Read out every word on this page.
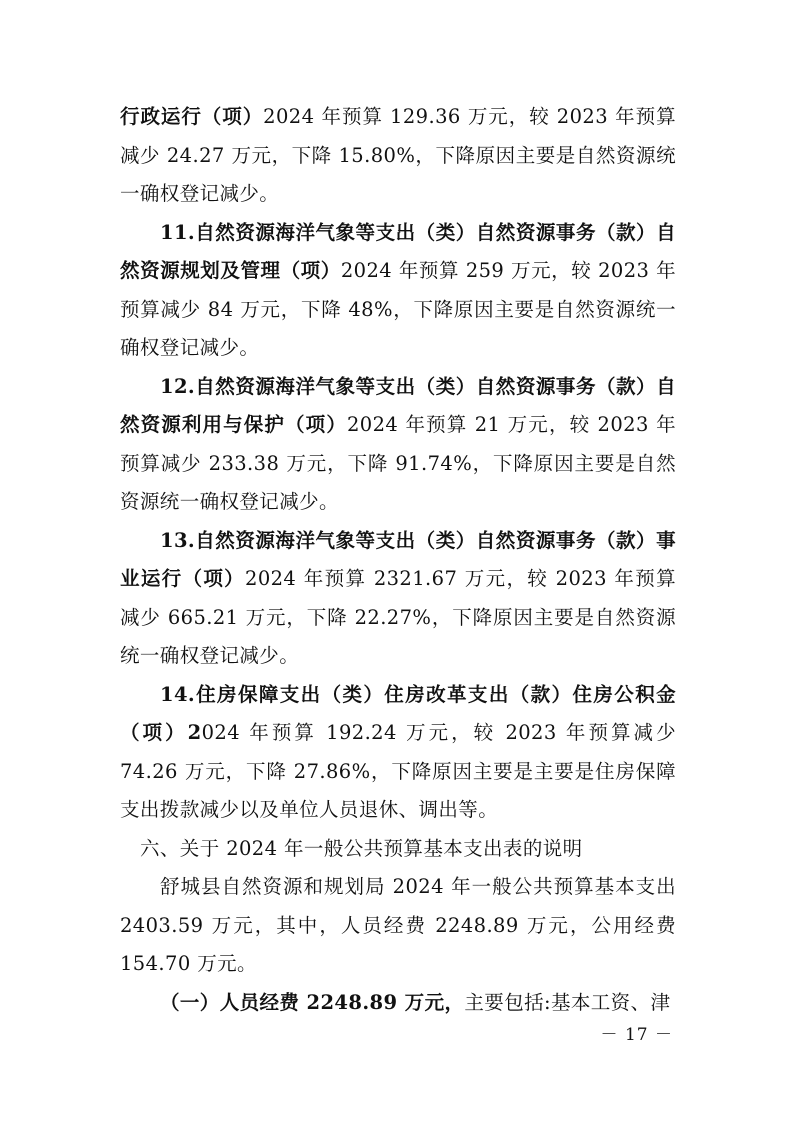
行政运行（项）2024 年预算 129.36 万元，较 2023 年预算减少 24.27 万元，下降 15.80%，下降原因主要是自然资源统一确权登记减少。

11.自然资源海洋气象等支出（类）自然资源事务（款）自然资源规划及管理（项）2024 年预算 259 万元，较 2023 年预算减少 84 万元，下降 48%，下降原因主要是自然资源统一确权登记减少。

12.自然资源海洋气象等支出（类）自然资源事务（款）自然资源利用与保护（项）2024 年预算 21 万元，较 2023 年预算减少 233.38 万元，下降 91.74%，下降原因主要是自然资源统一确权登记减少。

13.自然资源海洋气象等支出（类）自然资源事务（款）事业运行（项）2024 年预算 2321.67 万元，较 2023 年预算减少 665.21 万元，下降 22.27%，下降原因主要是自然资源统一确权登记减少。

14.住房保障支出（类）住房改革支出（款）住房公积金（项）2024 年预算 192.24 万元，较 2023 年预算减少 74.26 万元，下降 27.86%，下降原因主要是主要是住房保障支出拨款减少以及单位人员退休、调出等。

六、关于 2024 年一般公共预算基本支出表的说明

舒城县自然资源和规划局 2024 年一般公共预算基本支出 2403.59 万元，其中，人员经费 2248.89 万元，公用经费 154.70 万元。

（一）人员经费 2248.89 万元，主要包括:基本工资、津

－ 17 －
